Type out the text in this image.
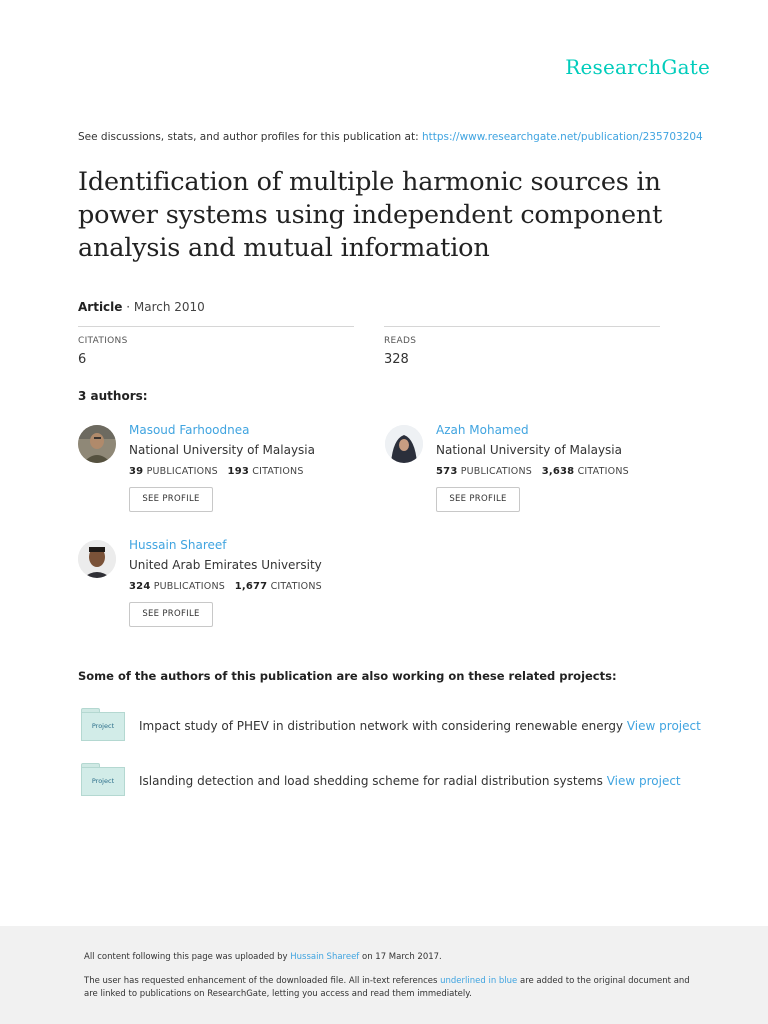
ResearchGate
See discussions, stats, and author profiles for this publication at: https://www.researchgate.net/publication/235703204
Identification of multiple harmonic sources in
power systems using independent component
analysis and mutual information
Article · March 2010
CITATIONS
6
READS
328
3 authors:
Masoud Farhoodnea
National University of Malaysia
39 PUBLICATIONS 193 CITATIONS
SEE PROFILE
Azah Mohamed
National University of Malaysia
573 PUBLICATIONS 3,638 CITATIONS
SEE PROFILE
Hussain Shareef
United Arab Emirates University
324 PUBLICATIONS 1,677 CITATIONS
SEE PROFILE
Some of the authors of this publication are also working on these related projects:
Project	Impact study of PHEV in distribution network with considering renewable energy View project
Project	Islanding detection and load shedding scheme for radial distribution systems View project
All content following this page was uploaded by Hussain Shareef on 17 March 2017.
The user has requested enhancement of the downloaded file. All in-text references underlined in blue are added to the original document and are linked to publications on ResearchGate, letting you access and read them immediately.
